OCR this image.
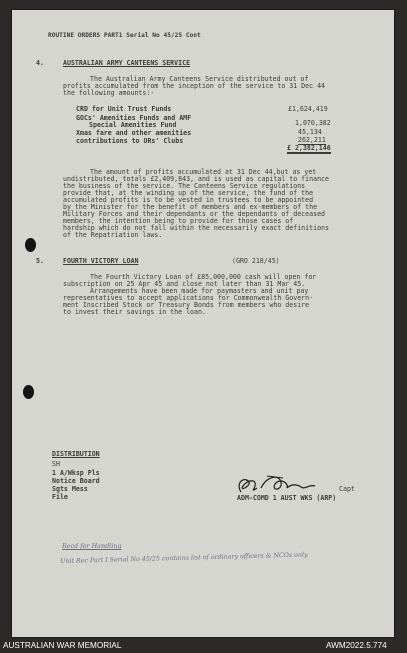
ROUTINE ORDERS PART1 Serial No 45/25 Cont
4.	AUSTRALIAN ARMY CANTEENS SERVICE
The Australian Army Canteens Service distributed out of
profits accumulated from the inception of the service to 31 Dec 44
the following amounts:-
CRD for Unit Trust Funds	£1,624,419
GOCs' Amenities Funds and AMF
Special Amenities Fund	1,070,382
Xmas fare and other amenities	45,134
contributions to ORs' Clubs	262,211
£ 2,382,146
The amount of profits accumulated at 31 Dec 44,but as yet
undistributed, totals £2,409,843, and is used as capital to finance
the business of the service. The Canteens Service regulations
provide that, at the winding up of the service, the fund of the
accumulated profits is to be vested in trustees to be appointed
by the Minister for the benefit of members and ex-members of the
Military Forces and their dependants or the dependants of deceased
members, the intention being to provide for those cases of
hardship which do not fall within the necessarily exact definitions
of the Repatriation laws.
5.	FOURTH VICTORY LOAN	(GRO 218/45)
The Fourth Victory Loan of £85,000,000 cash will open for
subscription on 25 Apr 45 and close not later than 31 Mar 45.
Arrangements have been made for paymasters and unit pay
representatives to accept applications for Commonwealth Govern-
ment Inscribed Stock or Treasury Bonds from members who desire
to invest their savings in the loan.
DISTRIBUTION
SH
1 A/Wksp Pls
Notice Board
Sgts Mess
File
Capt
ADM-COMD 1 AUST WKS (ARP)
Recd for Handling
Unit Rec Part I Serial No 45/25 contains list of ordinary officers & NCOs only.
AUSTRALIAN WAR MEMORIAL	AWM2022.5.774
